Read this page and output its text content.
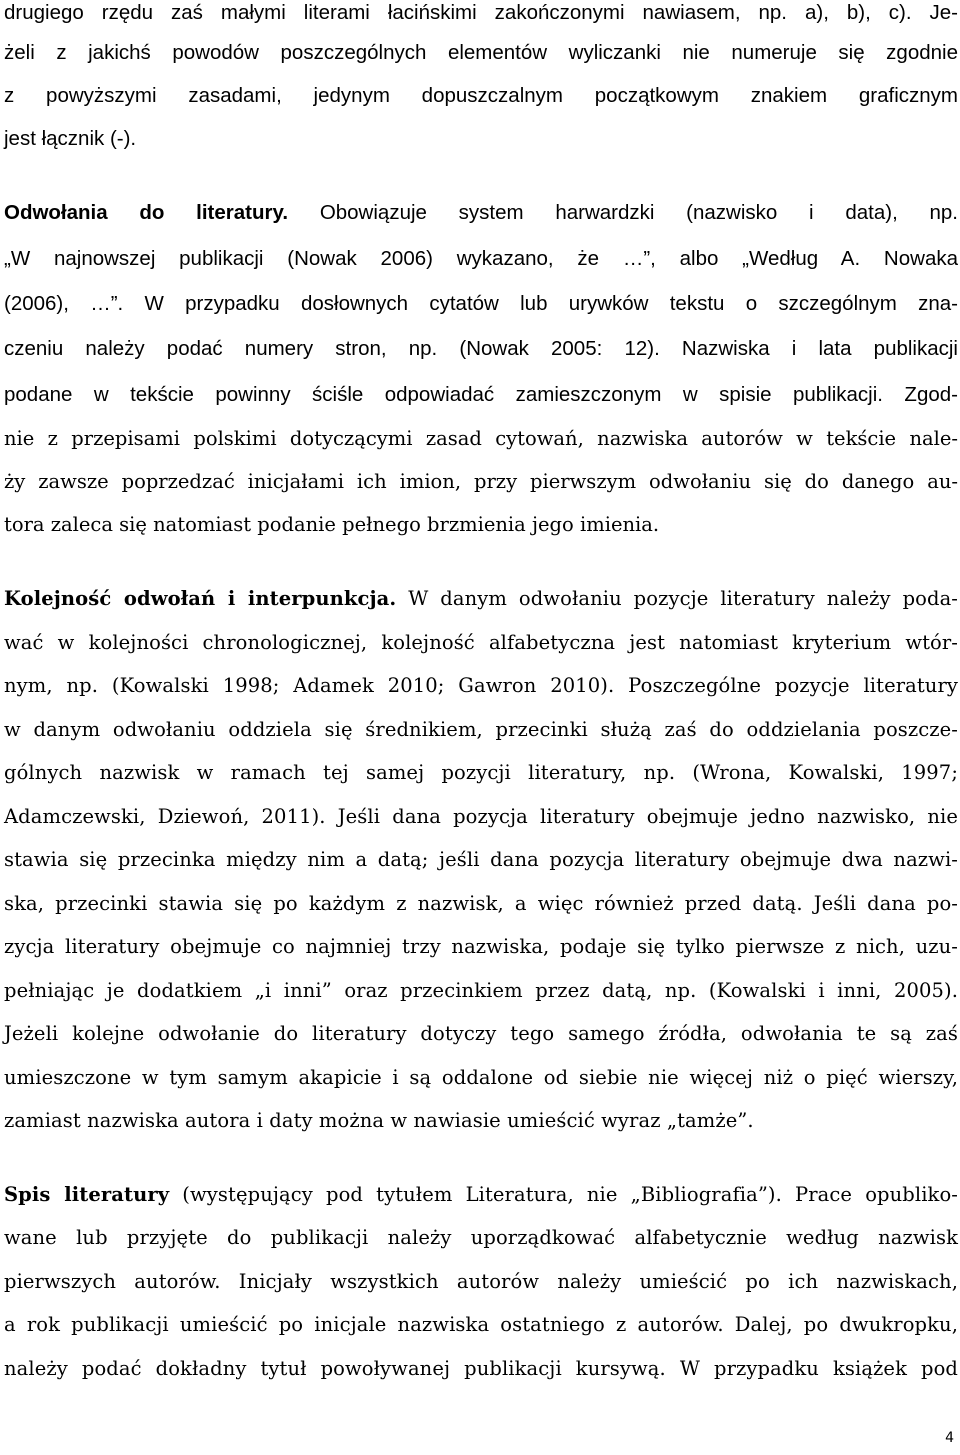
drugiego rzędu zaś małymi literami łacińskimi zakończonymi nawiasem, np. a), b), c). Je-
żeli z jakichś powodów poszczególnych elementów wyliczanki nie numeruje się zgodnie
z powyższymi zasadami, jedynym dopuszczalnym początkowym znakiem graficznym
jest łącznik (-).
Odwołania do literatury. Obowiązuje system harwardzki (nazwisko i data), np.
„W najnowszej publikacji (Nowak 2006) wykazano, że …”, albo „Według A. Nowaka
(2006), …”. W przypadku dosłownych cytatów lub urywków tekstu o szczególnym zna-
czeniu należy podać numery stron, np. (Nowak 2005: 12). Nazwiska i lata publikacji
podane w tekście powinny ściśle odpowiadać zamieszczonym w spisie publikacji. Zgod-
nie z przepisami polskimi dotyczącymi zasad cytowań, nazwiska autorów w tekście nale-
ży zawsze poprzedzać inicjałami ich imion, przy pierwszym odwołaniu się do danego au-
tora zaleca się natomiast podanie pełnego brzmienia jego imienia.
Kolejność odwołań i interpunkcja. W danym odwołaniu pozycje literatury należy poda-
wać w kolejności chronologicznej, kolejność alfabetyczna jest natomiast kryterium wtór-
nym, np. (Kowalski 1998; Adamek 2010; Gawron 2010). Poszczególne pozycje literatury
w danym odwołaniu oddziela się średnikiem, przecinki służą zaś do oddzielania poszcze-
gólnych nazwisk w ramach tej samej pozycji literatury, np. (Wrona, Kowalski, 1997;
Adamczewski, Dziewoń, 2011). Jeśli dana pozycja literatury obejmuje jedno nazwisko, nie
stawia się przecinka między nim a datą; jeśli dana pozycja literatury obejmuje dwa nazwi-
ska, przecinki stawia się po każdym z nazwisk, a więc również przed datą. Jeśli dana po-
zycja literatury obejmuje co najmniej trzy nazwiska, podaje się tylko pierwsze z nich, uzu-
pełniając je dodatkiem „i inni” oraz przecinkiem przez datą, np. (Kowalski i inni, 2005).
Jeżeli kolejne odwołanie do literatury dotyczy tego samego źródła, odwołania te są zaś
umieszczone w tym samym akapicie i są oddalone od siebie nie więcej niż o pięć wierszy,
zamiast nazwiska autora i daty można w nawiasie umieścić wyraz „tamże”.
Spis literatury (występujący pod tytułem Literatura, nie „Bibliografia”). Prace opubliko-
wane lub przyjęte do publikacji należy uporządkować alfabetycznie według nazwisk
pierwszych autorów. Inicjały wszystkich autorów należy umieścić po ich nazwiskach,
a rok publikacji umieścić po inicjale nazwiska ostatniego z autorów. Dalej, po dwukropku,
należy podać dokładny tytuł powoływanej publikacji kursywą. W przypadku książek pod
4
